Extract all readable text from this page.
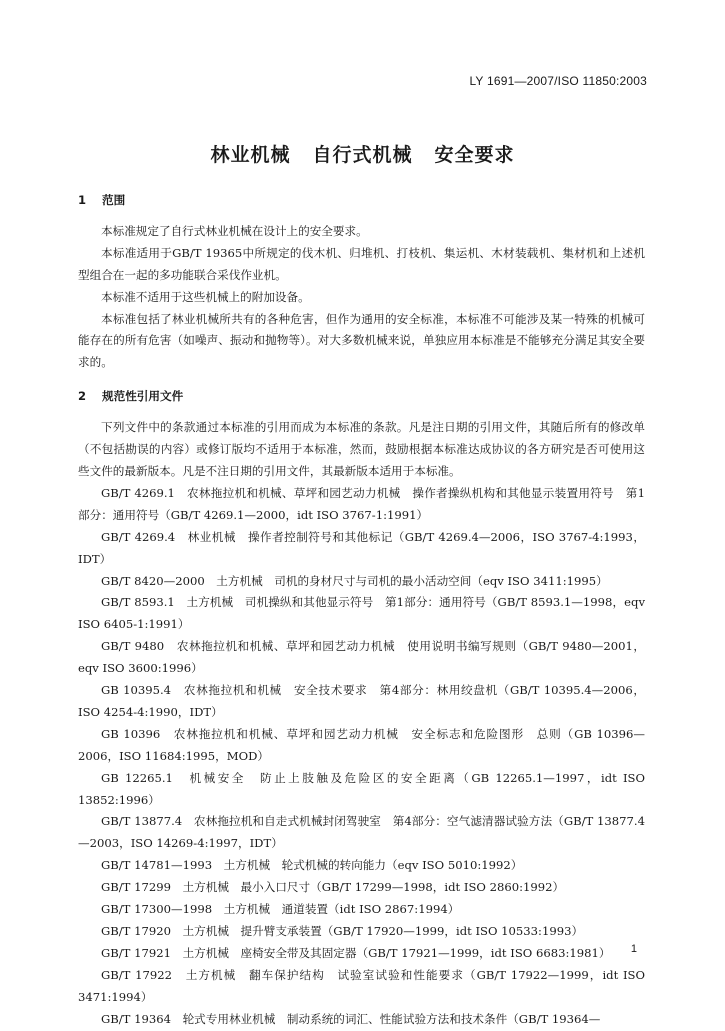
LY 1691—2007/ISO 11850:2003
林业机械 自行式机械 安全要求
1 范围

本标准规定了自行式林业机械在设计上的安全要求。

本标准适用于GB/T 19365中所规定的伐木机、归堆机、打枝机、集运机、木材装载机、集材机和上述机型组合在一起的多功能联合采伐作业机。

本标准不适用于这些机械上的附加设备。

本标准包括了林业机械所共有的各种危害，但作为通用的安全标准，本标准不可能涉及某一特殊的机械可能存在的所有危害（如噪声、振动和抛物等）。对大多数机械来说，单独应用本标准是不能够充分满足其安全要求的。

2 规范性引用文件

下列文件中的条款通过本标准的引用而成为本标准的条款。凡是注日期的引用文件，其随后所有的修改单（不包括勘误的内容）或修订版均不适用于本标准，然而，鼓励根据本标准达成协议的各方研究是否可使用这些文件的最新版本。凡是不注日期的引用文件，其最新版本适用于本标准。

GB/T 4269.1　农林拖拉机和机械、草坪和园艺动力机械　操作者操纵机构和其他显示装置用符号　第1部分：通用符号（GB/T 4269.1—2000，idt ISO 3767-1:1991）

GB/T 4269.4　林业机械　操作者控制符号和其他标记（GB/T 4269.4—2006，ISO 3767-4:1993，IDT）

GB/T 8420—2000　土方机械　司机的身材尺寸与司机的最小活动空间（eqv ISO 3411:1995）

GB/T 8593.1　土方机械　司机操纵和其他显示符号　第1部分：通用符号（GB/T 8593.1—1998，eqv ISO 6405-1:1991）

GB/T 9480　农林拖拉机和机械、草坪和园艺动力机械　使用说明书编写规则（GB/T 9480—2001，eqv ISO 3600:1996）

GB 10395.4　农林拖拉机和机械　安全技术要求　第4部分：林用绞盘机（GB/T 10395.4—2006，ISO 4254-4:1990，IDT）

GB 10396　农林拖拉机和机械、草坪和园艺动力机械　安全标志和危险图形　总则（GB 10396—2006，ISO 11684:1995，MOD）

GB 12265.1　机械安全　防止上肢触及危险区的安全距离（GB 12265.1—1997，idt ISO 13852:1996）

GB/T 13877.4　农林拖拉机和自走式机械封闭驾驶室　第4部分：空气滤清器试验方法（GB/T 13877.4—2003，ISO 14269-4:1997，IDT）

GB/T 14781—1993　土方机械　轮式机械的转向能力（eqv ISO 5010:1992）

GB/T 17299　土方机械　最小入口尺寸（GB/T 17299—1998，idt ISO 2860:1992）

GB/T 17300—1998　土方机械　通道装置（idt ISO 2867:1994）

GB/T 17920　土方机械　提升臂支承装置（GB/T 17920—1999，idt ISO 10533:1993）

GB/T 17921　土方机械　座椅安全带及其固定器（GB/T 17921—1999，idt ISO 6683:1981）

GB/T 17922　土方机械　翻车保护结构　试验室试验和性能要求（GB/T 17922—1999，idt ISO 3471:1994）

GB/T 19364　轮式专用林业机械　制动系统的词汇、性能试验方法和技术条件（GB/T 19364—

1
